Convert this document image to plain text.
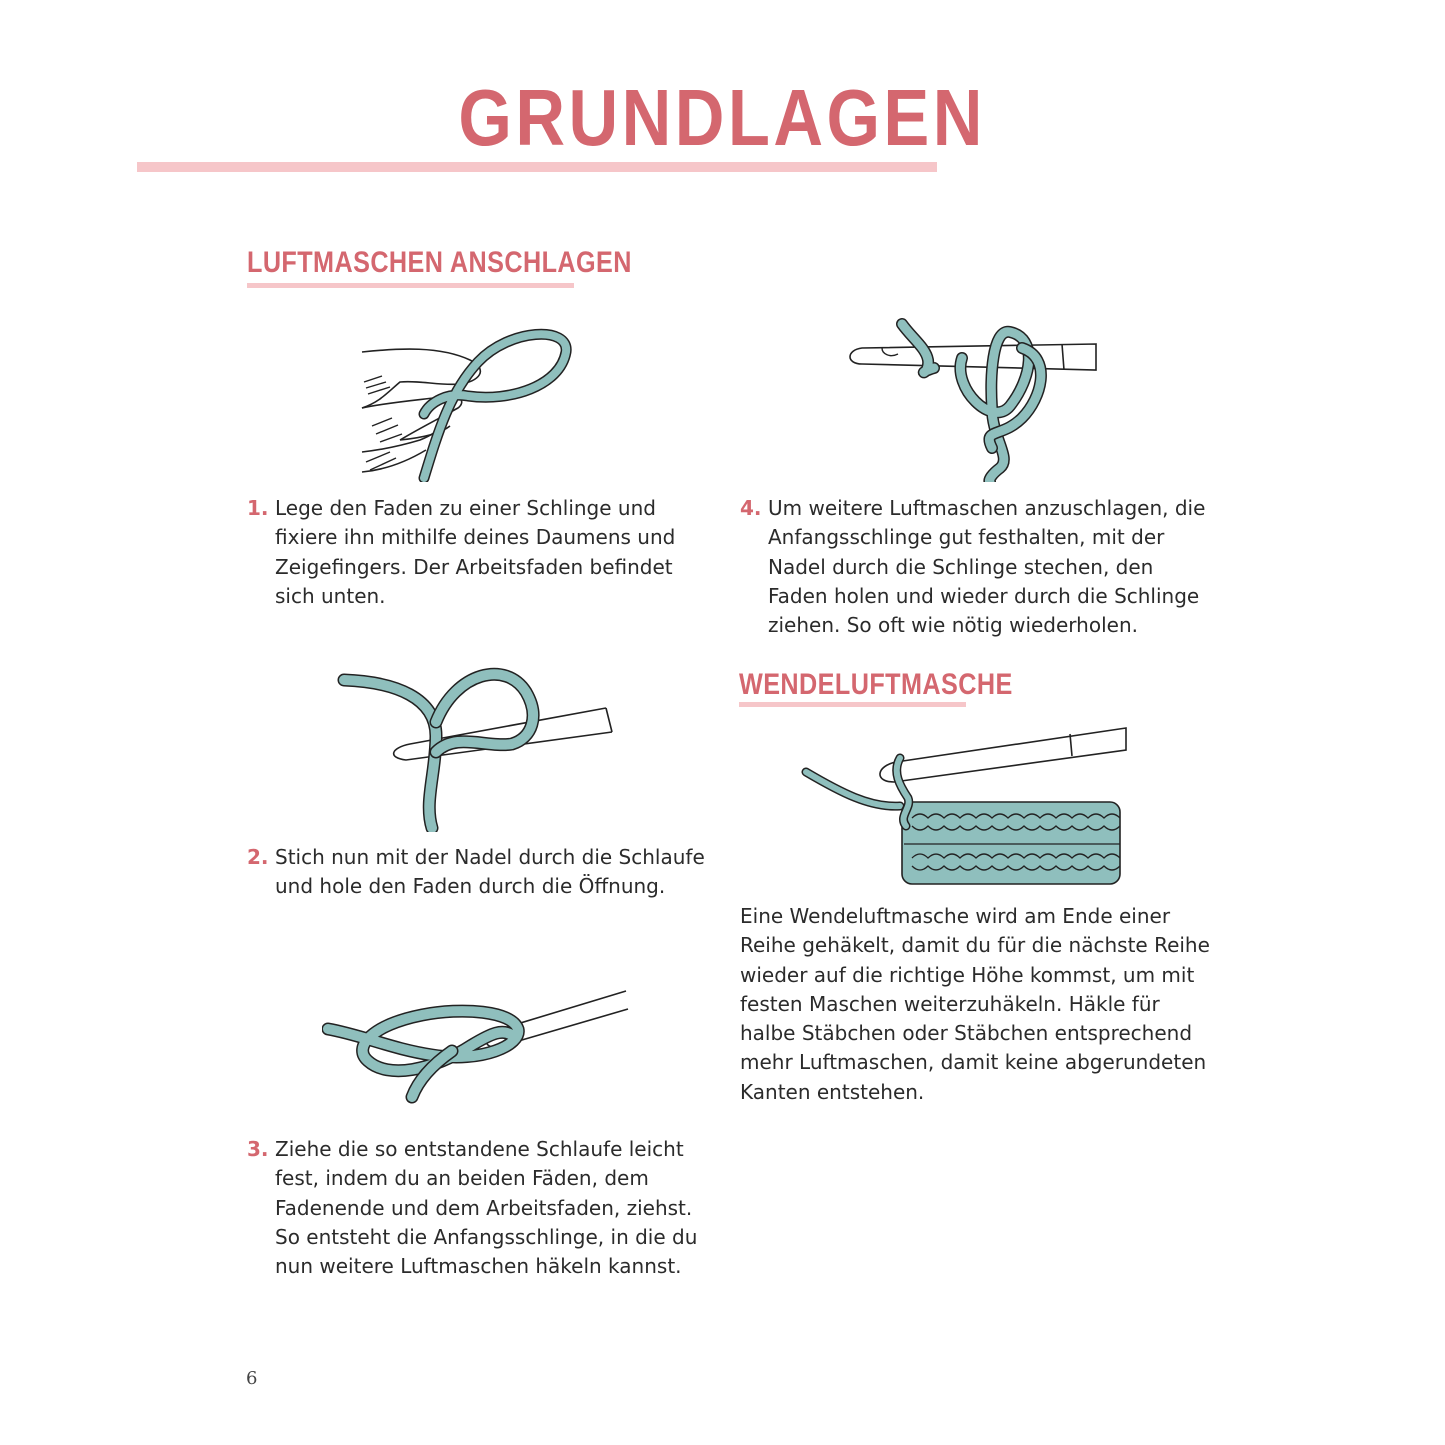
GRUNDLAGEN
LUFTMASCHEN ANSCHLAGEN
1. Lege den Faden zu einer Schlinge und fixiere ihn mithilfe deines Daumens und Zeigefingers. Der Arbeitsfaden befindet sich unten.
2. Stich nun mit der Nadel durch die Schlaufe und hole den Faden durch die Öffnung.
3. Ziehe die so entstandene Schlaufe leicht fest, indem du an beiden Fäden, dem Fadenende und dem Arbeitsfaden, ziehst. So entsteht die Anfangsschlinge, in die du nun weitere Luftmaschen häkeln kannst.
4. Um weitere Luftmaschen anzuschlagen, die Anfangsschlinge gut festhalten, mit der Nadel durch die Schlinge stechen, den Faden holen und wieder durch die Schlinge ziehen. So oft wie nötig wiederholen.
WENDELUFTMASCHE
Eine Wendeluftmasche wird am Ende einer Reihe gehäkelt, damit du für die nächste Reihe wieder auf die richtige Höhe kommst, um mit festen Maschen weiterzuhäkeln. Häkle für halbe Stäbchen oder Stäbchen entsprechend mehr Luftmaschen, damit keine abgerundeten Kanten entstehen.
6
